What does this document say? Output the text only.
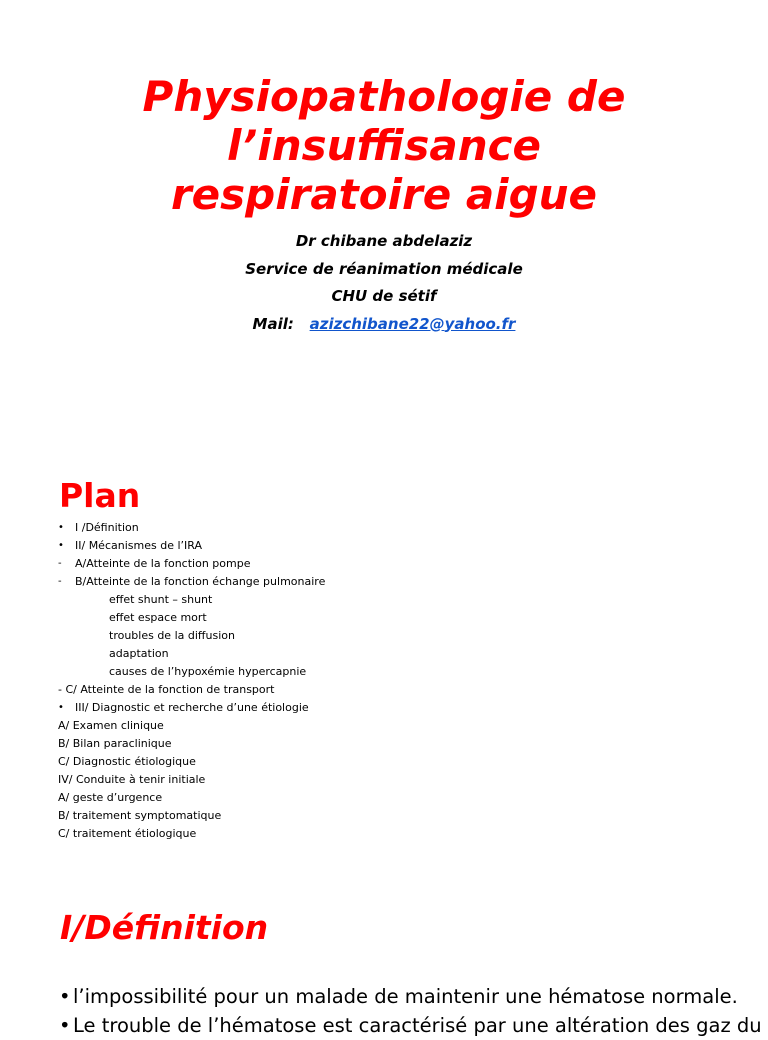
Physiopathologie de
l’insuffisance
respiratoire aigue
Dr chibane abdelaziz
Service de réanimation médicale
CHU de sétif
Mail: azizchibane22@yahoo.fr
Plan
•	I /Définition
•	II/ Mécanismes de l’IRA
-	A/Atteinte de la fonction pompe
-	B/Atteinte de la fonction échange pulmonaire
effet shunt – shunt
effet espace mort
troubles de la diffusion
adaptation
causes de l’hypoxémie hypercapnie
- C/ Atteinte de la fonction de transport
•	III/ Diagnostic et recherche d’une étiologie
A/ Examen clinique
B/ Bilan paraclinique
C/ Diagnostic étiologique
IV/ Conduite à tenir initiale
A/ geste d’urgence
B/ traitement symptomatique
C/ traitement étiologique
I/Définition
• l’impossibilité pour un malade de maintenir une hématose normale.
• Le trouble de l’hématose est caractérisé par une altération des gaz du
